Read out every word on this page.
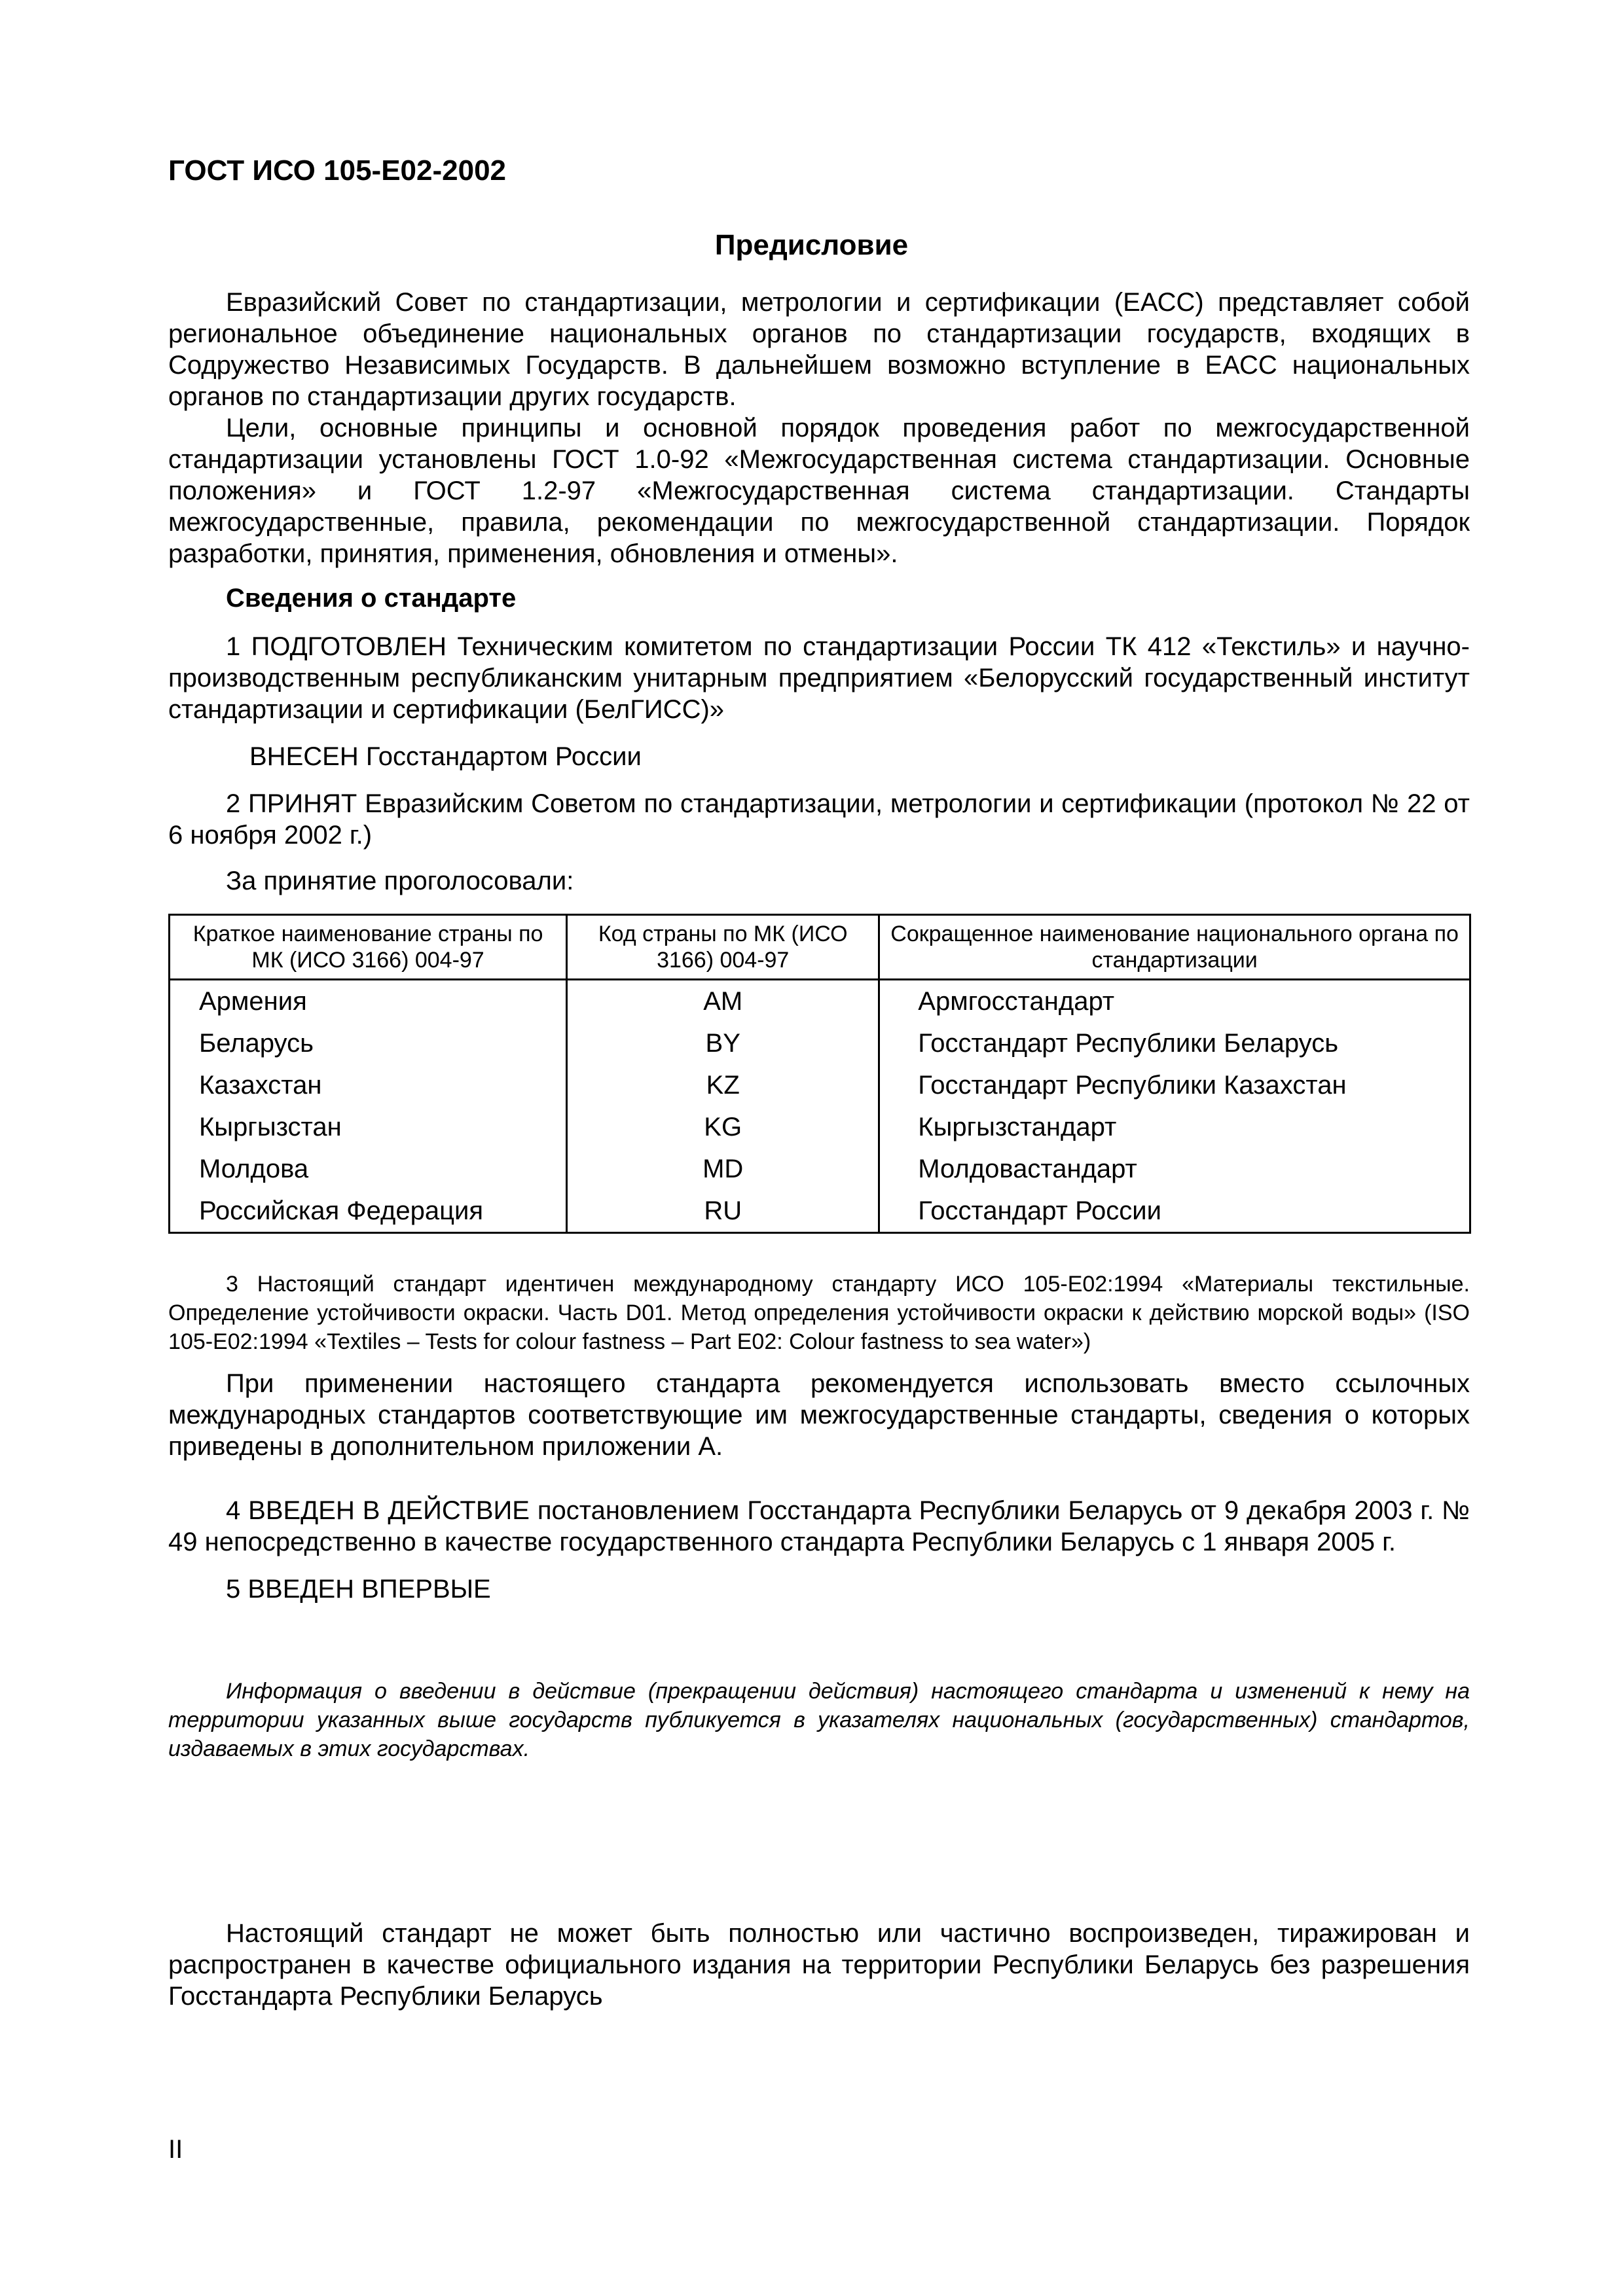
ГОСТ ИСО 105-E02-2002
Предисловие

Евразийский Совет по стандартизации, метрологии и сертификации (ЕАСС) представляет собой региональное объединение национальных органов по стандартизации государств, входящих в Содружество Независимых Государств. В дальнейшем возможно вступление в ЕАСС национальных органов по стандартизации других государств.

Цели, основные принципы и основной порядок проведения работ по межгосударственной стандартизации установлены ГОСТ 1.0-92 «Межгосударственная система стандартизации. Основные положения» и ГОСТ 1.2-97 «Межгосударственная система стандартизации. Стандарты межгосударственные, правила, рекомендации по межгосударственной стандартизации. Порядок разработки, принятия, применения, обновления и отмены».

Сведения о стандарте

1 ПОДГОТОВЛЕН Техническим комитетом по стандартизации России ТК 412 «Текстиль» и научно-производственным республиканским унитарным предприятием «Белорусский государственный институт стандартизации и сертификации (БелГИСС)»

ВНЕСЕН Госстандартом России

2 ПРИНЯТ Евразийским Советом по стандартизации, метрологии и сертификации (протокол № 22 от 6 ноября 2002 г.)

За принятие проголосовали:
Краткое наименование страны по МК (ИСО 3166) 004-97	Код страны по МК (ИСО 3166) 004-97	Сокращенное наименование национального органа по стандартизации
Армения	AM	Армгосстандарт
Беларусь	BY	Госстандарт Республики Беларусь
Казахстан	KZ	Госстандарт Республики Казахстан
Кыргызстан	KG	Кыргызстандарт
Молдова	MD	Молдовастандарт
Российская Федерация	RU	Госстандарт России

3 Настоящий стандарт идентичен международному стандарту ИСО 105-E02:1994 «Материалы текстильные. Определение устойчивости окраски. Часть D01. Метод определения устойчивости окраски к действию морской воды» (ISO 105-E02:1994 «Textiles – Tests for colour fastness – Part E02: Colour fastness to sea water»)

При применении настоящего стандарта рекомендуется использовать вместо ссылочных международных стандартов соответствующие им межгосударственные стандарты, сведения о которых приведены в дополнительном приложении А.

4 ВВЕДЕН В ДЕЙСТВИЕ постановлением Госстандарта Республики Беларусь от 9 декабря 2003 г. № 49 непосредственно в качестве государственного стандарта Республики Беларусь с 1 января 2005 г.

5 ВВЕДЕН ВПЕРВЫЕ

Информация о введении в действие (прекращении действия) настоящего стандарта и изменений к нему на территории указанных выше государств публикуется в указателях национальных (государственных) стандартов, издаваемых в этих государствах.

Настоящий стандарт не может быть полностью или частично воспроизведен, тиражирован и распространен в качестве официального издания на территории Республики Беларусь без разрешения Госстандарта Республики Беларусь

II
